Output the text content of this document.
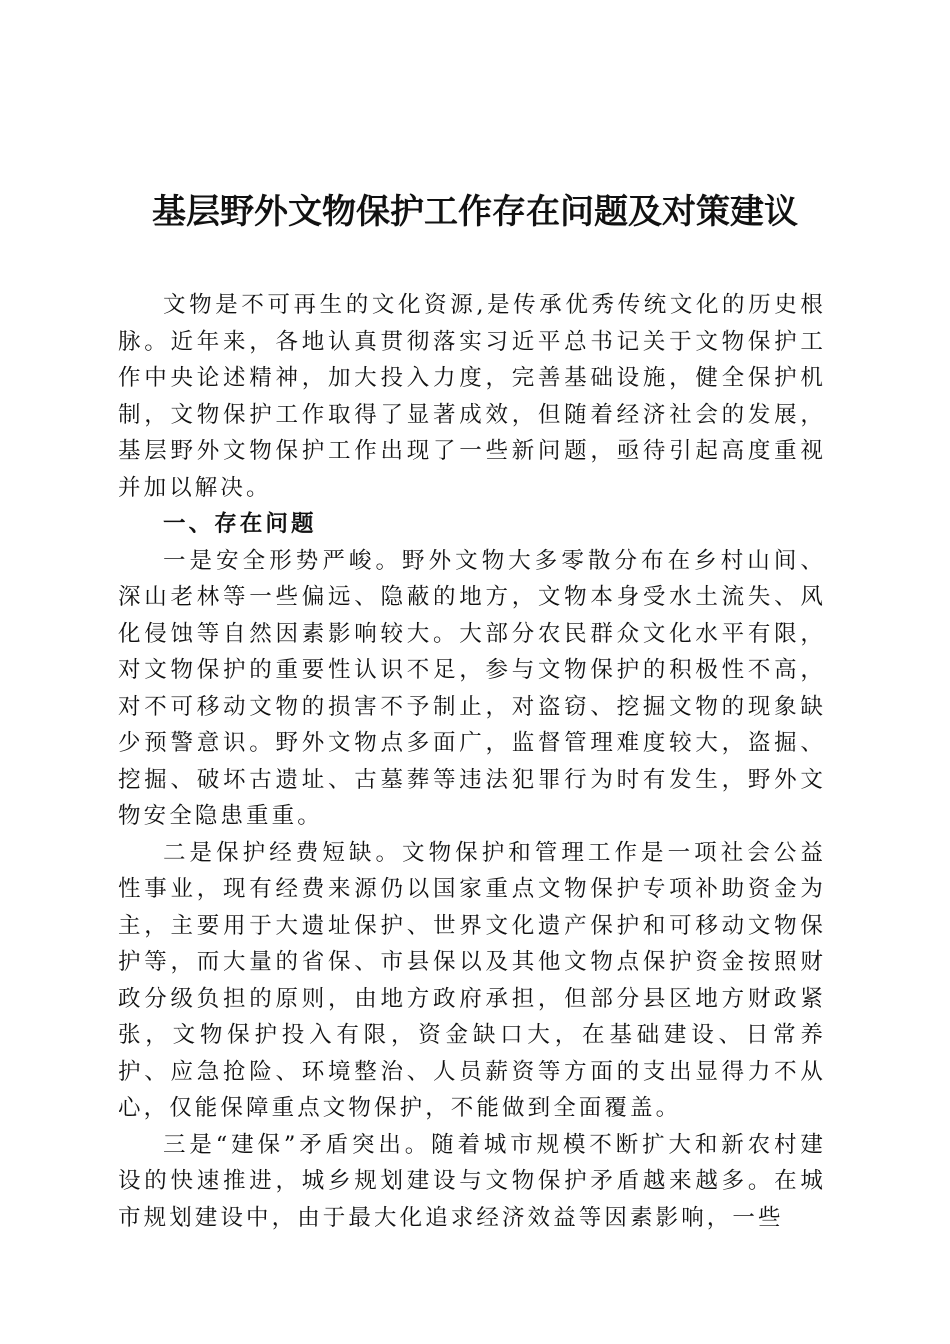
基层野外文物保护工作存在问题及对策建议

文物是不可再生的文化资源,是传承优秀传统文化的历史根脉。近年来，各地认真贯彻落实习近平总书记关于文物保护工作中央论述精神，加大投入力度，完善基础设施，健全保护机制，文物保护工作取得了显著成效，但随着经济社会的发展，基层野外文物保护工作出现了一些新问题，亟待引起高度重视并加以解决。

一、存在问题

一是安全形势严峻。野外文物大多零散分布在乡村山间、深山老林等一些偏远、隐蔽的地方，文物本身受水土流失、风化侵蚀等自然因素影响较大。大部分农民群众文化水平有限，对文物保护的重要性认识不足，参与文物保护的积极性不高，对不可移动文物的损害不予制止，对盗窃、挖掘文物的现象缺少预警意识。野外文物点多面广，监督管理难度较大，盗掘、挖掘、破坏古遗址、古墓葬等违法犯罪行为时有发生，野外文物安全隐患重重。

二是保护经费短缺。文物保护和管理工作是一项社会公益性事业，现有经费来源仍以国家重点文物保护专项补助资金为主，主要用于大遗址保护、世界文化遗产保护和可移动文物保护等，而大量的省保、市县保以及其他文物点保护资金按照财政分级负担的原则，由地方政府承担，但部分县区地方财政紧张，文物保护投入有限，资金缺口大，在基础建设、日常养护、应急抢险、环境整治、人员薪资等方面的支出显得力不从心，仅能保障重点文物保护，不能做到全面覆盖。

三是“建保”矛盾突出。随着城市规模不断扩大和新农村建设的快速推进，城乡规划建设与文物保护矛盾越来越多。在城市规划建设中，由于最大化追求经济效益等因素影响，一些
